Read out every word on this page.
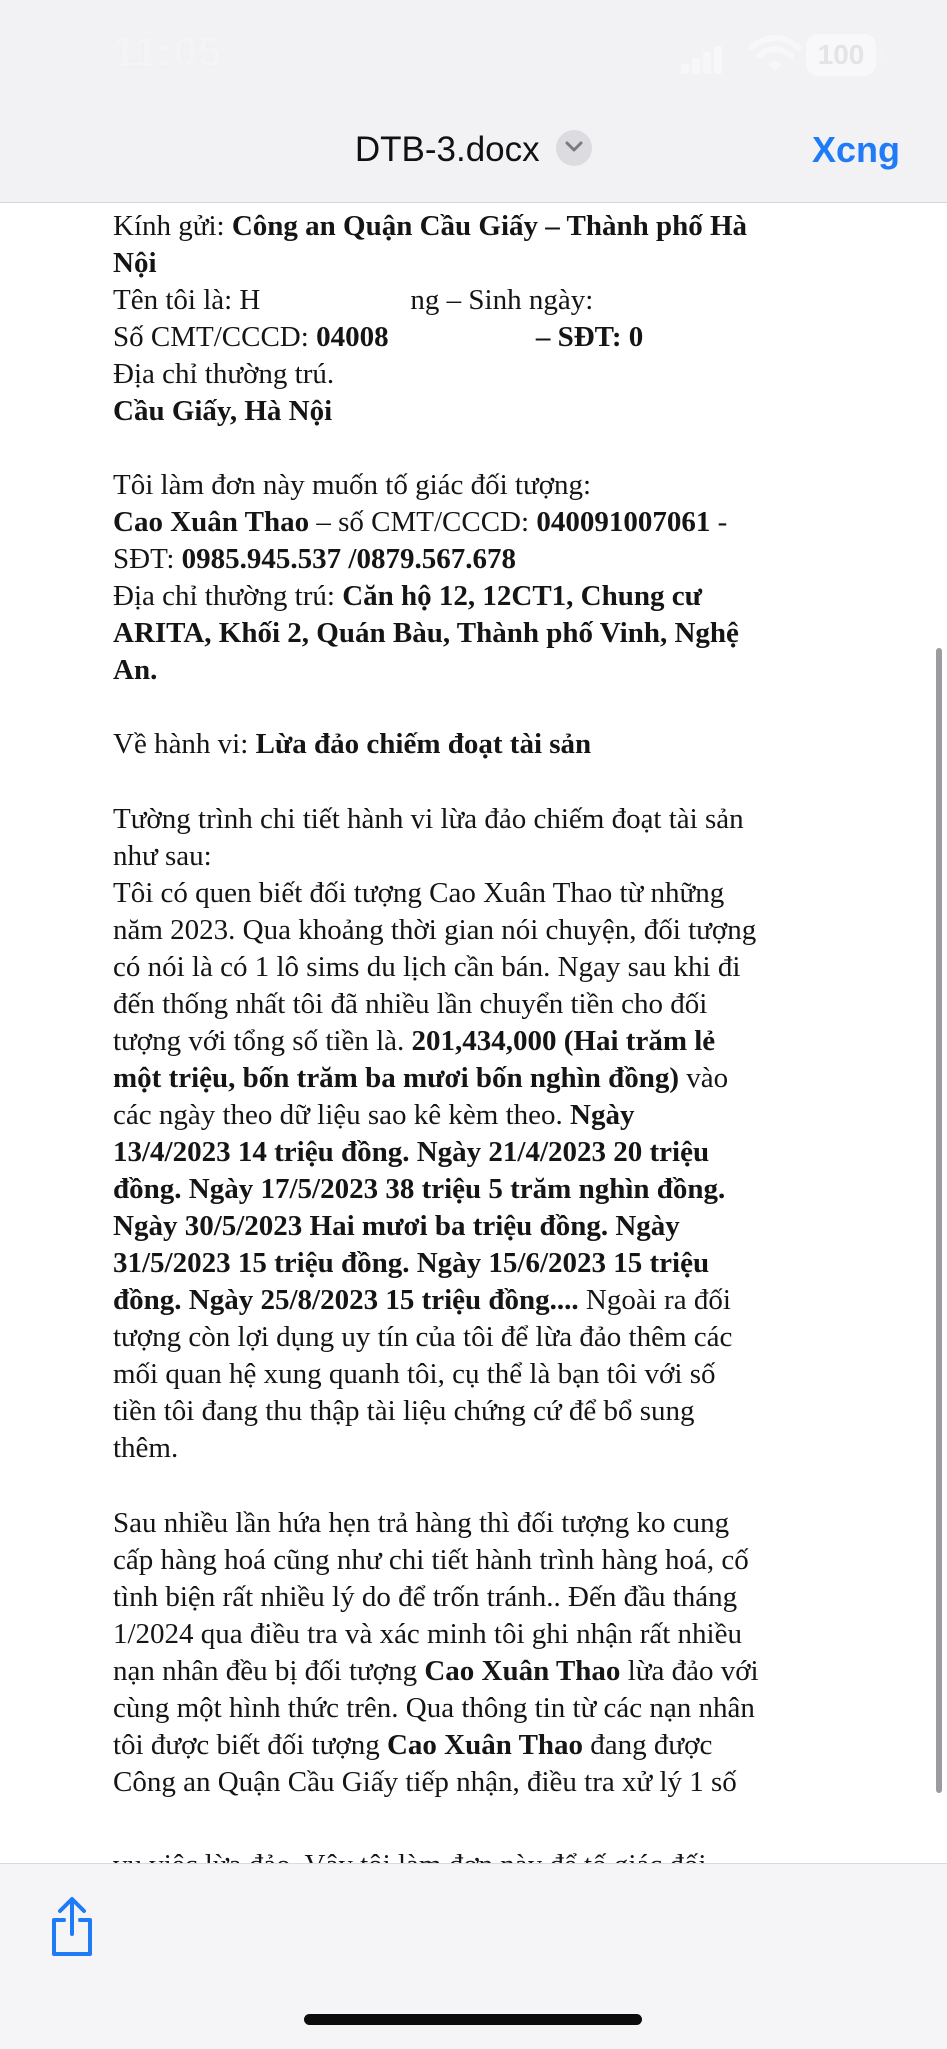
11:05	100
DTB-3.docx	Xcng
Kính gửi: Công an Quận Cầu Giấy – Thành phố Hà
Nội
Tên tôi là: H	ng – Sinh ngày:
Số CMT/CCCD: 04008	– SĐT: 0
Địa chỉ thường trú.
Cầu Giấy, Hà Nội
Tôi làm đơn này muốn tố giác đối tượng:
Cao Xuân Thao – số CMT/CCCD: 040091007061 -
SĐT: 0985.945.537 /0879.567.678
Địa chỉ thường trú: Căn hộ 12, 12CT1, Chung cư
ARITA, Khối 2, Quán Bàu, Thành phố Vinh, Nghệ
An.
Về hành vi: Lừa đảo chiếm đoạt tài sản
Tường trình chi tiết hành vi lừa đảo chiếm đoạt tài sản
như sau:
Tôi có quen biết đối tượng Cao Xuân Thao từ những
năm 2023. Qua khoảng thời gian nói chuyện, đối tượng
có nói là có 1 lô sims du lịch cần bán. Ngay sau khi đi
đến thống nhất tôi đã nhiều lần chuyển tiền cho đối
tượng với tổng số tiền là. 201,434,000 (Hai trăm lẻ
một triệu, bốn trăm ba mươi bốn nghìn đồng) vào
các ngày theo dữ liệu sao kê kèm theo. Ngày
13/4/2023 14 triệu đồng. Ngày 21/4/2023 20 triệu
đồng. Ngày 17/5/2023 38 triệu 5 trăm nghìn đồng.
Ngày 30/5/2023 Hai mươi ba triệu đồng. Ngày
31/5/2023 15 triệu đồng. Ngày 15/6/2023 15 triệu
đồng. Ngày 25/8/2023 15 triệu đồng.... Ngoài ra đối
tượng còn lợi dụng uy tín của tôi để lừa đảo thêm các
mối quan hệ xung quanh tôi, cụ thể là bạn tôi với số
tiền tôi đang thu thập tài liệu chứng cứ để bổ sung
thêm.
Sau nhiều lần hứa hẹn trả hàng thì đối tượng ko cung
cấp hàng hoá cũng như chi tiết hành trình hàng hoá, cố
tình biện rất nhiều lý do để trốn tránh.. Đến đầu tháng
1/2024 qua điều tra và xác minh tôi ghi nhận rất nhiều
nạn nhân đều bị đối tượng Cao Xuân Thao lừa đảo với
cùng một hình thức trên. Qua thông tin từ các nạn nhân
tôi được biết đối tượng Cao Xuân Thao đang được
Công an Quận Cầu Giấy tiếp nhận, điều tra xử lý 1 số
